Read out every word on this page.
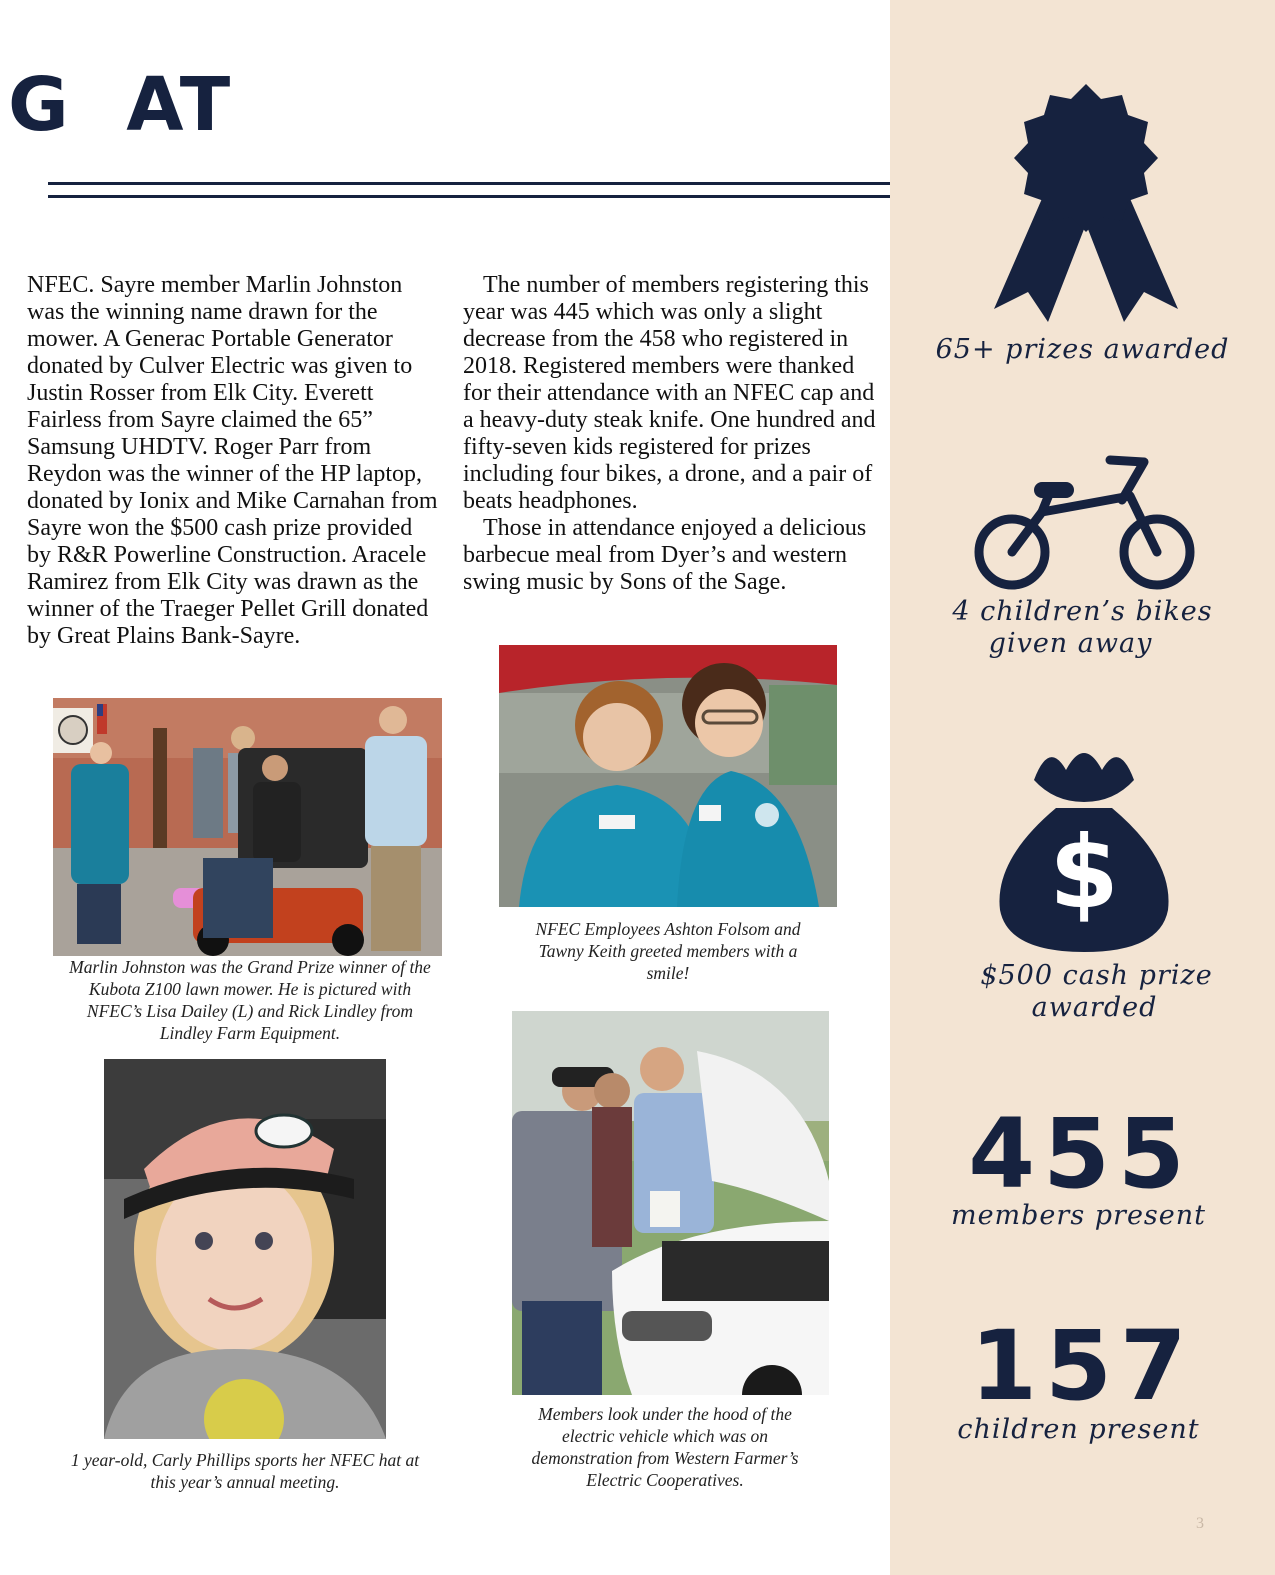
G  AT

NFEC. Sayre member Marlin Johnston was the winning name drawn for the mower. A Generac Portable Generator donated by Culver Electric was given to Justin Rosser from Elk City. Everett Fairless from Sayre claimed the 65” Samsung UHDTV. Roger Parr from Reydon was the winner of the HP laptop, donated by Ionix and Mike Carnahan from Sayre won the $500 cash prize provided by R&R Powerline Construction. Aracele Ramirez from Elk City was drawn as the winner of the Traeger Pellet Grill donated by Great Plains Bank-Sayre.

The number of members registering this year was 445 which was only a slight decrease from the 458 who registered in 2018. Registered members were thanked for their attendance with an NFEC cap and a heavy-duty steak knife. One hundred and fifty-seven kids registered for prizes including four bikes, a drone, and a pair of beats headphones.

Those in attendance enjoyed a delicious barbecue meal from Dyer’s and western swing music by Sons of the Sage.

Marlin Johnston was the Grand Prize winner of the Kubota Z100 lawn mower. He is pictured with NFEC’s Lisa Dailey (L) and Rick Lindley from Lindley Farm Equipment.

NFEC Employees Ashton Folsom and Tawny Keith greeted members with a smile!

1 year-old, Carly Phillips sports her NFEC hat at this year’s annual meeting.

Members look under the hood of the electric vehicle which was on demonstration from Western Farmer’s Electric Cooperatives.

65+ prizes awarded

4 children’s bikes

given away

$

$500 cash prize

awarded

455

members present

157

children present

3
